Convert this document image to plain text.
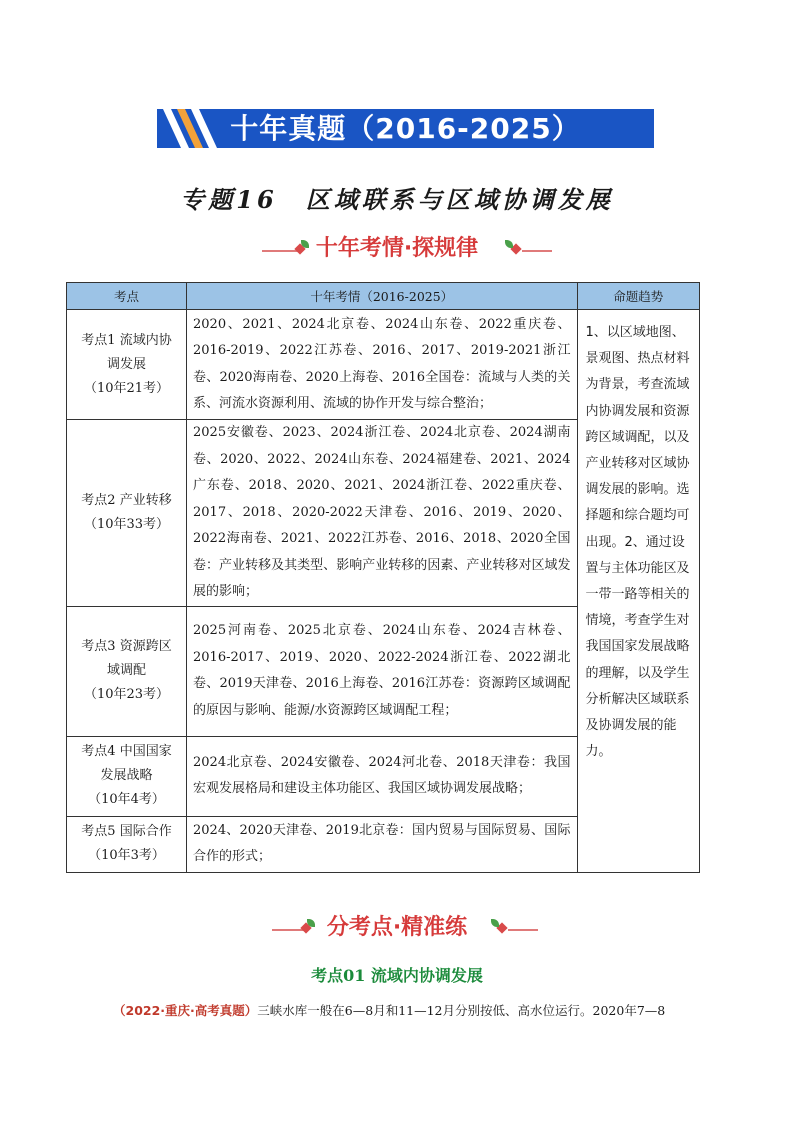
十年真题（2016-2025）
专题16 区域联系与区域协调发展
十年考情·探规律
考点	十年考情（2016-2025）	命题趋势

考点1 流域内协调发展
（10年21考）	2020、2021、2024北京卷、2024山东卷、2022重庆卷、2016-2019、2022江苏卷、2016、2017、2019-2021浙江卷、2020海南卷、2020上海卷、2016全国卷：流域与人类的关系、河流水资源利用、流域的协作开发与综合整治；	1、以区域地图、景观图、热点材料为背景，考查流域内协调发展和资源跨区域调配，以及产业转移对区域协调发展的影响。选择题和综合题均可出现。2、通过设置与主体功能区及一带一路等相关的情境，考查学生对我国国家发展战略的理解，以及学生分析解决区域联系及协调发展的能力。

考点2 产业转移
（10年33考）	2025安徽卷、2023、2024浙江卷、2024北京卷、2024湖南卷、2020、2022、2024山东卷、2024福建卷、2021、2024广东卷、2018、2020、2021、2024浙江卷、2022重庆卷、2017、2018、2020-2022天津卷、2016、2019、2020、2022海南卷、2021、2022江苏卷、2016、2018、2020全国卷：产业转移及其类型、影响产业转移的因素、产业转移对区域发展的影响；	

考点3 资源跨区域调配
（10年23考）	2025河南卷、2025北京卷、2024山东卷、2024吉林卷、2016-2017、2019、2020、2022-2024浙江卷、2022湖北卷、2019天津卷、2016上海卷、2016江苏卷：资源跨区域调配的原因与影响、能源/水资源跨区域调配工程；	

考点4 中国国家发展战略
（10年4考）	2024北京卷、2024安徽卷、2024河北卷、2018天津卷：我国宏观发展格局和建设主体功能区、我国区域协调发展战略；	

考点5 国际合作
（10年3考）	2024、2020天津卷、2019北京卷：国内贸易与国际贸易、国际合作的形式；	
分考点·精准练
考点01 流域内协调发展
（2022·重庆·高考真题）三峡水库一般在6—8月和11—12月分别按低、高水位运行。2020年7—8
